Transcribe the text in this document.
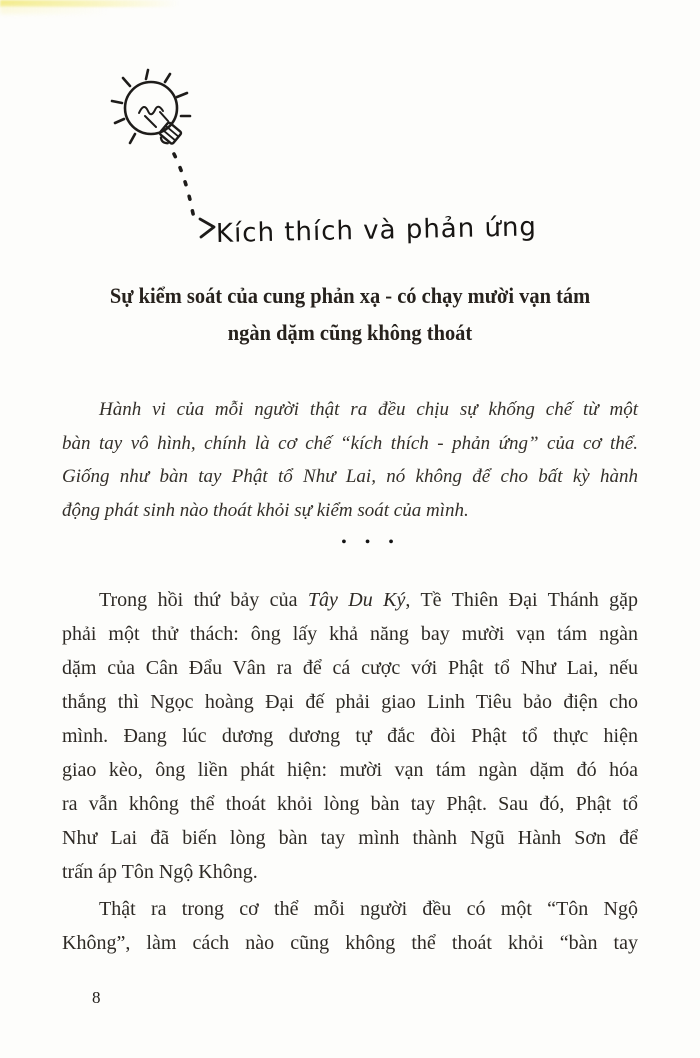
Kích thích và phản ứng
Sự kiểm soát của cung phản xạ - có chạy mười vạn tám
ngàn dặm cũng không thoát
Hành vi của mỗi người thật ra đều chịu sự khống chế từ một
bàn tay vô hình, chính là cơ chế “kích thích - phản ứng” của cơ thể.
Giống như bàn tay Phật tổ Như Lai, nó không để cho bất kỳ hành
động phát sinh nào thoát khỏi sự kiểm soát của mình.
• • •
Trong hồi thứ bảy của Tây Du Ký, Tề Thiên Đại Thánh gặp
phải một thử thách: ông lấy khả năng bay mười vạn tám ngàn
dặm của Cân Đẩu Vân ra để cá cược với Phật tổ Như Lai, nếu
thắng thì Ngọc hoàng Đại đế phải giao Linh Tiêu bảo điện cho
mình. Đang lúc dương dương tự đắc đòi Phật tổ thực hiện
giao kèo, ông liền phát hiện: mười vạn tám ngàn dặm đó hóa
ra vẫn không thể thoát khỏi lòng bàn tay Phật. Sau đó, Phật tổ
Như Lai đã biến lòng bàn tay mình thành Ngũ Hành Sơn để
trấn áp Tôn Ngộ Không.
Thật ra trong cơ thể mỗi người đều có một “Tôn Ngộ
Không”, làm cách nào cũng không thể thoát khỏi “bàn tay
8
